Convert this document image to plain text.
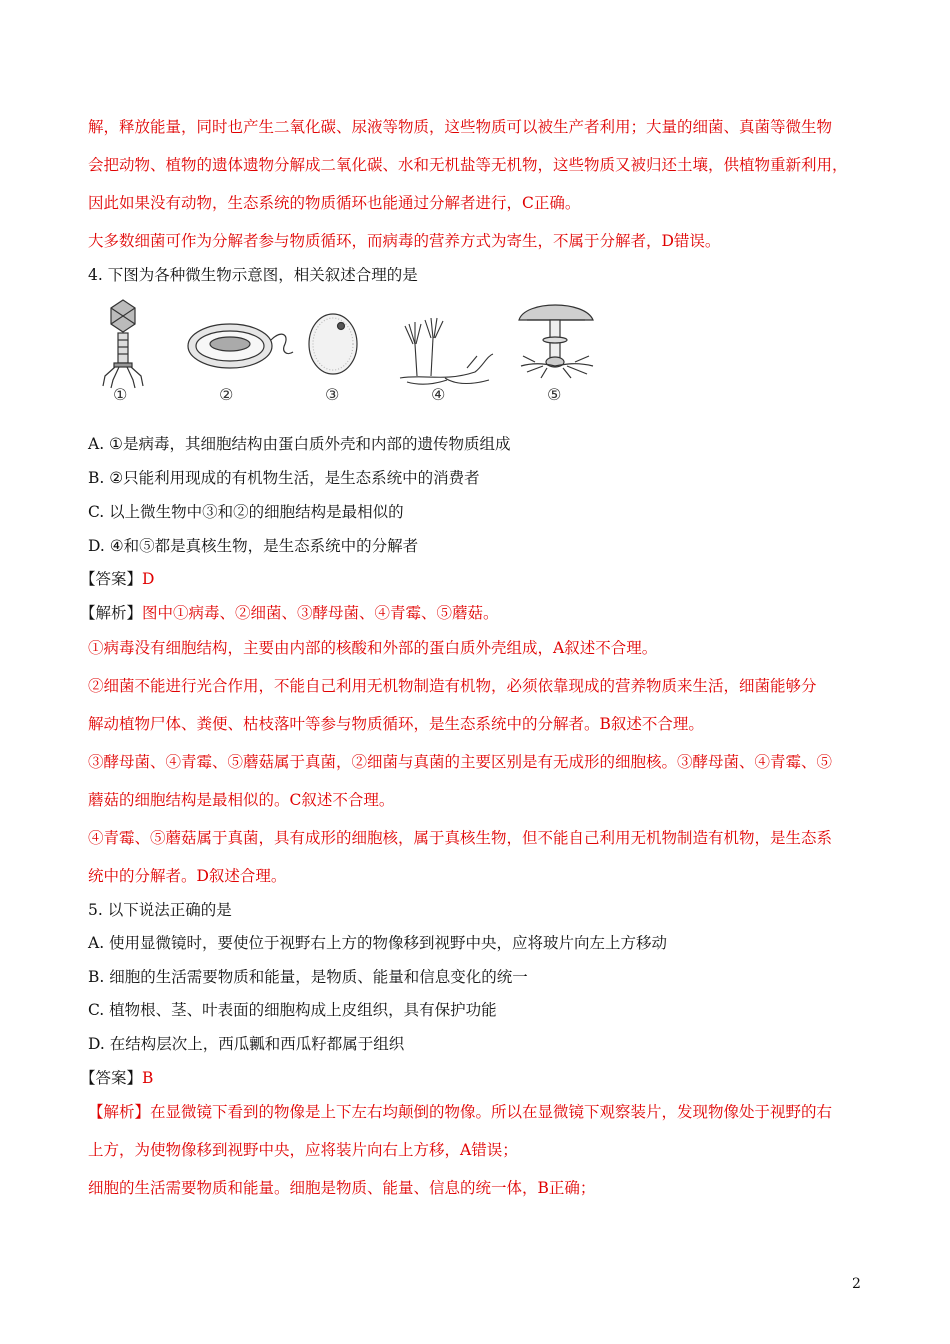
解，释放能量，同时也产生二氧化碳、尿液等物质，这些物质可以被生产者利用；大量的细菌、真菌等微生物
会把动物、植物的遗体遗物分解成二氧化碳、水和无机盐等无机物，这些物质又被归还土壤，供植物重新利用，
因此如果没有动物，生态系统的物质循环也能通过分解者进行，C正确。
大多数细菌可作为分解者参与物质循环，而病毒的营养方式为寄生，不属于分解者，D错误。
4. 下图为各种微生物示意图，相关叙述合理的是
①	②	③	④	⑤
A. ①是病毒，其细胞结构由蛋白质外壳和内部的遗传物质组成
B. ②只能利用现成的有机物生活，是生态系统中的消费者
C. 以上微生物中③和②的细胞结构是最相似的
D. ④和⑤都是真核生物，是生态系统中的分解者
【答案】D
【解析】图中①病毒、②细菌、③酵母菌、④青霉、⑤蘑菇。
①病毒没有细胞结构，主要由内部的核酸和外部的蛋白质外壳组成，A叙述不合理。
②细菌不能进行光合作用，不能自己利用无机物制造有机物，必须依靠现成的营养物质来生活，细菌能够分
解动植物尸体、粪便、枯枝落叶等参与物质循环，是生态系统中的分解者。B叙述不合理。
③酵母菌、④青霉、⑤蘑菇属于真菌，②细菌与真菌的主要区别是有无成形的细胞核。③酵母菌、④青霉、⑤
蘑菇的细胞结构是最相似的。C叙述不合理。
④青霉、⑤蘑菇属于真菌，具有成形的细胞核，属于真核生物，但不能自己利用无机物制造有机物，是生态系
统中的分解者。D叙述合理。
5. 以下说法正确的是
A. 使用显微镜时，要使位于视野右上方的物像移到视野中央，应将玻片向左上方移动
B. 细胞的生活需要物质和能量，是物质、能量和信息变化的统一
C. 植物根、茎、叶表面的细胞构成上皮组织，具有保护功能
D. 在结构层次上，西瓜瓤和西瓜籽都属于组织
【答案】B
【解析】在显微镜下看到的物像是上下左右均颠倒的物像。所以在显微镜下观察装片，发现物像处于视野的右
上方，为使物像移到视野中央，应将装片向右上方移，A错误；
细胞的生活需要物质和能量。细胞是物质、能量、信息的统一体，B正确；
2
